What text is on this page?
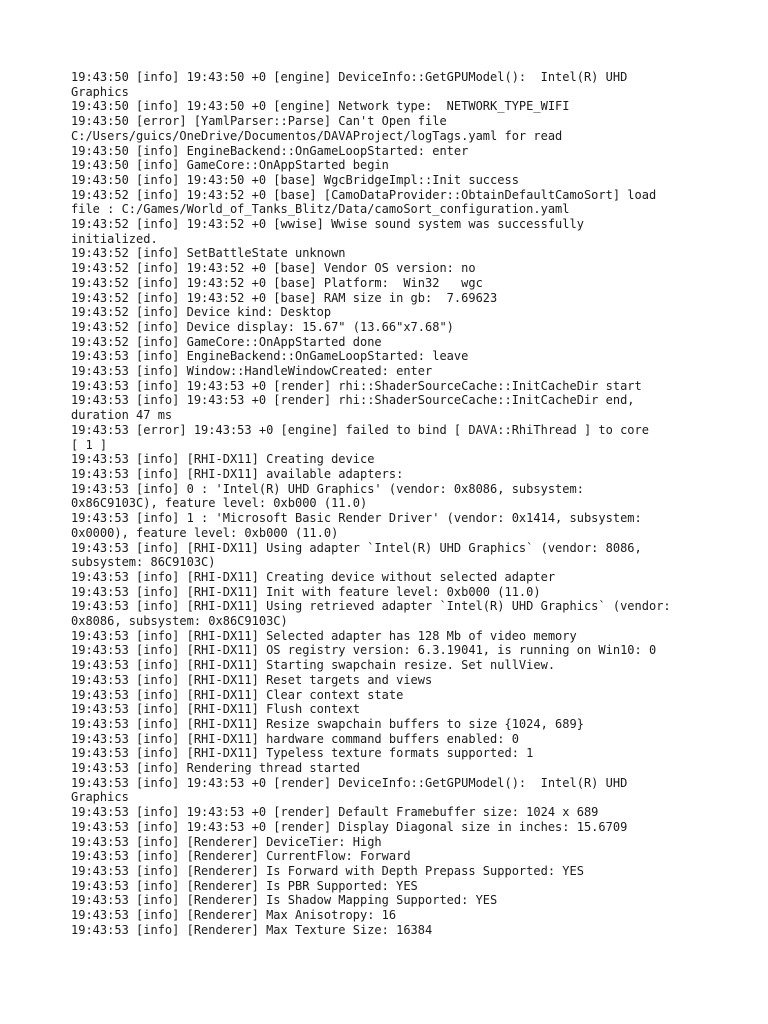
19:43:50 [info] 19:43:50 +0 [engine] DeviceInfo::GetGPUModel():  Intel(R) UHD
Graphics
19:43:50 [info] 19:43:50 +0 [engine] Network type:  NETWORK_TYPE_WIFI
19:43:50 [error] [YamlParser::Parse] Can't Open file
C:/Users/guics/OneDrive/Documentos/DAVAProject/logTags.yaml for read
19:43:50 [info] EngineBackend::OnGameLoopStarted: enter
19:43:50 [info] GameCore::OnAppStarted begin
19:43:50 [info] 19:43:50 +0 [base] WgcBridgeImpl::Init success
19:43:52 [info] 19:43:52 +0 [base] [CamoDataProvider::ObtainDefaultCamoSort] load
file : C:/Games/World_of_Tanks_Blitz/Data/camoSort_configuration.yaml
19:43:52 [info] 19:43:52 +0 [wwise] Wwise sound system was successfully
initialized.
19:43:52 [info] SetBattleState unknown
19:43:52 [info] 19:43:52 +0 [base] Vendor OS version: no
19:43:52 [info] 19:43:52 +0 [base] Platform:  Win32   wgc
19:43:52 [info] 19:43:52 +0 [base] RAM size in gb:  7.69623
19:43:52 [info] Device kind: Desktop
19:43:52 [info] Device display: 15.67" (13.66"x7.68")
19:43:52 [info] GameCore::OnAppStarted done
19:43:53 [info] EngineBackend::OnGameLoopStarted: leave
19:43:53 [info] Window::HandleWindowCreated: enter
19:43:53 [info] 19:43:53 +0 [render] rhi::ShaderSourceCache::InitCacheDir start
19:43:53 [info] 19:43:53 +0 [render] rhi::ShaderSourceCache::InitCacheDir end,
duration 47 ms
19:43:53 [error] 19:43:53 +0 [engine] failed to bind [ DAVA::RhiThread ] to core
[ 1 ]
19:43:53 [info] [RHI-DX11] Creating device
19:43:53 [info] [RHI-DX11] available adapters:
19:43:53 [info] 0 : 'Intel(R) UHD Graphics' (vendor: 0x8086, subsystem:
0x86C9103C), feature level: 0xb000 (11.0)
19:43:53 [info] 1 : 'Microsoft Basic Render Driver' (vendor: 0x1414, subsystem:
0x0000), feature level: 0xb000 (11.0)
19:43:53 [info] [RHI-DX11] Using adapter `Intel(R) UHD Graphics` (vendor: 8086,
subsystem: 86C9103C)
19:43:53 [info] [RHI-DX11] Creating device without selected adapter
19:43:53 [info] [RHI-DX11] Init with feature level: 0xb000 (11.0)
19:43:53 [info] [RHI-DX11] Using retrieved adapter `Intel(R) UHD Graphics` (vendor:
0x8086, subsystem: 0x86C9103C)
19:43:53 [info] [RHI-DX11] Selected adapter has 128 Mb of video memory
19:43:53 [info] [RHI-DX11] OS registry version: 6.3.19041, is running on Win10: 0
19:43:53 [info] [RHI-DX11] Starting swapchain resize. Set nullView.
19:43:53 [info] [RHI-DX11] Reset targets and views
19:43:53 [info] [RHI-DX11] Clear context state
19:43:53 [info] [RHI-DX11] Flush context
19:43:53 [info] [RHI-DX11] Resize swapchain buffers to size {1024, 689}
19:43:53 [info] [RHI-DX11] hardware command buffers enabled: 0
19:43:53 [info] [RHI-DX11] Typeless texture formats supported: 1
19:43:53 [info] Rendering thread started
19:43:53 [info] 19:43:53 +0 [render] DeviceInfo::GetGPUModel():  Intel(R) UHD
Graphics
19:43:53 [info] 19:43:53 +0 [render] Default Framebuffer size: 1024 x 689
19:43:53 [info] 19:43:53 +0 [render] Display Diagonal size in inches: 15.6709
19:43:53 [info] [Renderer] DeviceTier: High
19:43:53 [info] [Renderer] CurrentFlow: Forward
19:43:53 [info] [Renderer] Is Forward with Depth Prepass Supported: YES
19:43:53 [info] [Renderer] Is PBR Supported: YES
19:43:53 [info] [Renderer] Is Shadow Mapping Supported: YES
19:43:53 [info] [Renderer] Max Anisotropy: 16
19:43:53 [info] [Renderer] Max Texture Size: 16384
